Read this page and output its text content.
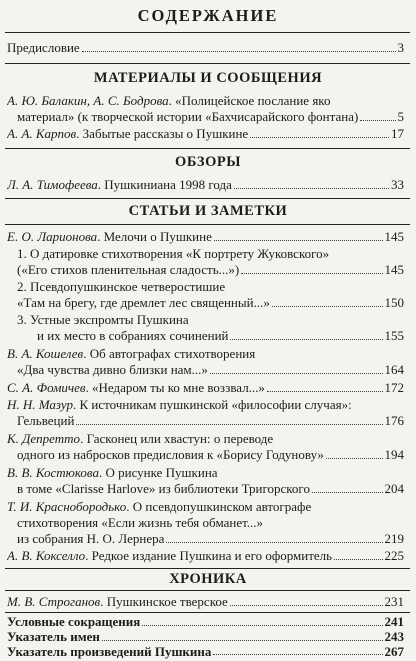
СОДЕРЖАНИЕ
Предисловие	3
МАТЕРИАЛЫ И СООБЩЕНИЯ
А. Ю. Балакин, А. С. Бодрова. «Полицейское послание яко
материал» (к творческой истории «Бахчисарайского фонтана)	5
А. А. Карпов. Забытые рассказы о Пушкине	17
ОБЗОРЫ
Л. А. Тимофеева. Пушкиниана 1998 года	33
СТАТЬИ И ЗАМЕТКИ
Е. О. Ларионова. Мелочи о Пушкине	145
1. О датировке стихотворения «К портрету Жуковского»
(«Его стихов пленительная сладость...»)	145
2. Псевдопушкинское четверостишие
«Там на брегу, где дремлет лес священный...»	150
3. Устные экспромты Пушкина
и их место в собраниях сочинений	155
В. А. Кошелев. Об автографах стихотворения
«Два чувства дивно близки нам...»	164
С. А. Фомичев. «Недаром ты ко мне воззвал...»	172
Н. Н. Мазур. К источникам пушкинской «философии случая»:
Гельвеций	176
К. Депретто. Гасконец или хвастун: о переводе
одного из набросков предисловия к «Борису Годунову»	194
В. В. Костюкова. О рисунке Пушкина
в томе «Clarisse Harlove» из библиотеки Тригорского	204
Т. И. Краснобородько. О псевдопушкинском автографе
стихотворения «Если жизнь тебя обманет...»
из собрания Н. О. Лернера	219
А. В. Кокселло. Редкое издание Пушкина и его оформитель	225
ХРОНИКА
М. В. Строганов. Пушкинское тверское	231
Условные сокращения	241
Указатель имен	243
Указатель произведений Пушкина	267
